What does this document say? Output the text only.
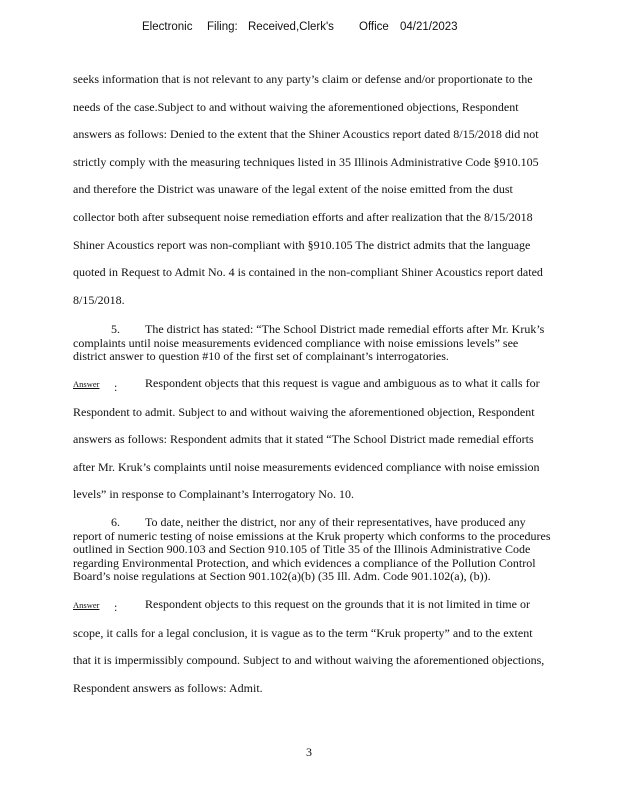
Electronic Filing: Received,Clerk's Office 04/21/2023
seeks information that is not relevant to any party’s claim or defense and/or proportionate to the
needs of the case.Subject to and without waiving the aforementioned objections, Respondent
answers as follows: Denied to the extent that the Shiner Acoustics report dated 8/15/2018 did not
strictly comply with the measuring techniques listed in 35 Illinois Administrative Code §910.105
and therefore the District was unaware of the legal extent of the noise emitted from the dust
collector both after subsequent noise remediation efforts and after realization that the 8/15/2018
Shiner Acoustics report was non-compliant with §910.105 The district admits that the language
quoted in Request to Admit No. 4 is contained in the non-compliant Shiner Acoustics report dated
8/15/2018.
5. The district has stated: “The School District made remedial efforts after Mr. Kruk’s
complaints until noise measurements evidenced compliance with noise emissions levels” see
district answer to question #10 of the first set of complainant’s interrogatories.
Answer	Respondent objects that this request is vague and ambiguous as to what it calls for
Respondent to admit. Subject to and without waiving the aforementioned objection, Respondent
answers as follows: Respondent admits that it stated “The School District made remedial efforts
after Mr. Kruk’s complaints until noise measurements evidenced compliance with noise emission
levels” in response to Complainant’s Interrogatory No. 10.
:
6. To date, neither the district, nor any of their representatives, have produced any
report of numeric testing of noise emissions at the Kruk property which conforms to the procedures
outlined in Section 900.103 and Section 910.105 of Title 35 of the Illinois Administrative Code
regarding Environmental Protection, and which evidences a compliance of the Pollution Control
Board’s noise regulations at Section 901.102(a)(b) (35 Ill. Adm. Code 901.102(a), (b)).
Answer	Respondent objects to this request on the grounds that it is not limited in time or
scope, it calls for a legal conclusion, it is vague as to the term “Kruk property” and to the extent
that it is impermissibly compound. Subject to and without waiving the aforementioned objections,
Respondent answers as follows: Admit.
:
3
